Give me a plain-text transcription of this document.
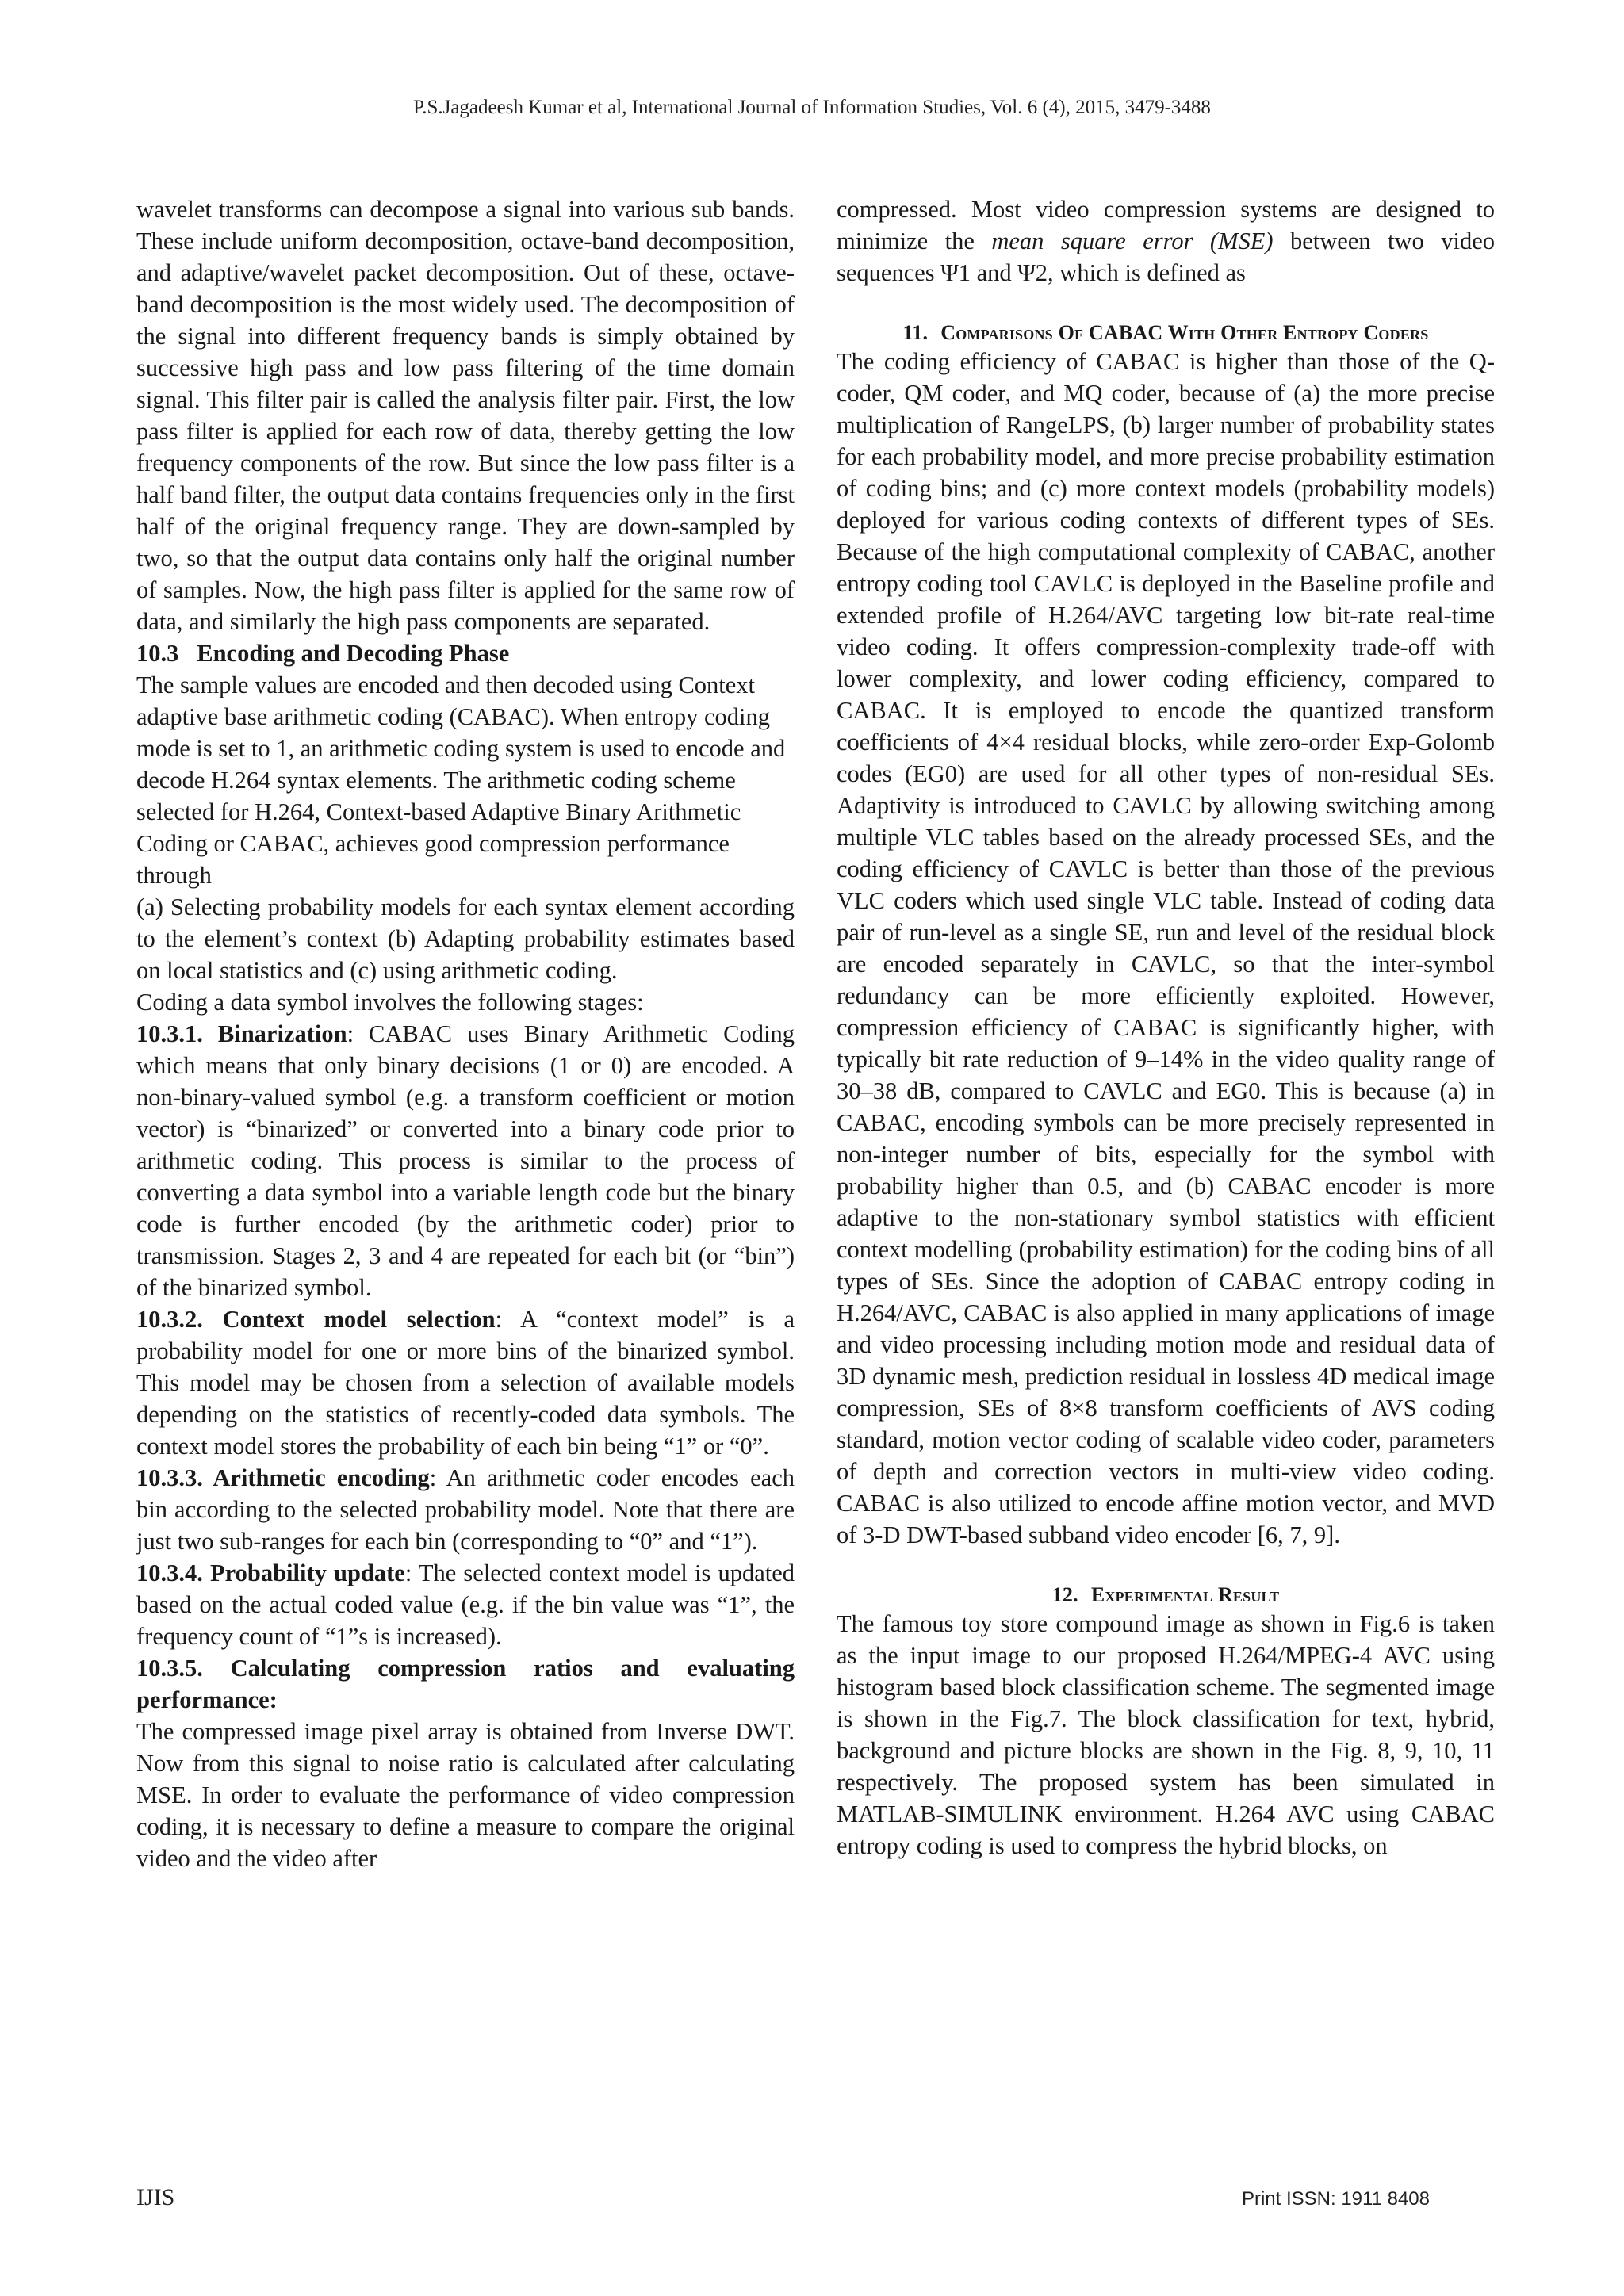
P.S.Jagadeesh Kumar et al, International Journal of Information Studies, Vol. 6 (4), 2015, 3479-3488

wavelet transforms can decompose a signal into various sub bands. These include uniform decomposition, octave-band decomposition, and adaptive/wavelet packet decomposition. Out of these, octave-band decomposition is the most widely used. The decomposition of the signal into different frequency bands is simply obtained by successive high pass and low pass filtering of the time domain signal. This filter pair is called the analysis filter pair. First, the low pass filter is applied for each row of data, thereby getting the low frequency components of the row. But since the low pass filter is a half band filter, the output data contains frequencies only in the first half of the original frequency range. They are down-sampled by two, so that the output data contains only half the original number of samples. Now, the high pass filter is applied for the same row of data, and similarly the high pass components are separated.

10.3   Encoding and Decoding Phase

The sample values are encoded and then decoded using Context adaptive base arithmetic coding (CABAC). When entropy coding mode is set to 1, an arithmetic coding system is used to encode and decode H.264 syntax elements. The arithmetic coding scheme selected for H.264, Context-based Adaptive Binary Arithmetic Coding or CABAC, achieves good compression performance through

(a) Selecting probability models for each syntax element according to the element’s context (b) Adapting probability estimates based on local statistics and (c) using arithmetic coding.

Coding a data symbol involves the following stages:

10.3.1. Binarization: CABAC uses Binary Arithmetic Coding which means that only binary decisions (1 or 0) are encoded. A non-binary-valued symbol (e.g. a transform coefficient or motion vector) is “binarized” or converted into a binary code prior to arithmetic coding. This process is similar to the process of converting a data symbol into a variable length code but the binary code is further encoded (by the arithmetic coder) prior to transmission. Stages 2, 3 and 4 are repeated for each bit (or “bin”) of the binarized symbol.

10.3.2. Context model selection: A “context model” is a probability model for one or more bins of the binarized symbol. This model may be chosen from a selection of available models depending on the statistics of recently-coded data symbols. The context model stores the probability of each bin being “1” or “0”.

10.3.3. Arithmetic encoding: An arithmetic coder encodes each bin according to the selected probability model. Note that there are just two sub-ranges for each bin (corresponding to “0” and “1”).

10.3.4. Probability update: The selected context model is updated based on the actual coded value (e.g. if the bin value was “1”, the frequency count of “1”s is increased).

10.3.5. Calculating compression ratios and evaluating performance:

The compressed image pixel array is obtained from Inverse DWT. Now from this signal to noise ratio is calculated after calculating MSE. In order to evaluate the performance of video compression coding, it is necessary to define a measure to compare the original video and the video after

compressed. Most video compression systems are designed to minimize the mean square error (MSE) between two video sequences Ψ1 and Ψ2, which is defined as

11. Comparisons Of CABAC With Other Entropy Coders

The coding efficiency of CABAC is higher than those of the Q-coder, QM coder, and MQ coder, because of (a) the more precise multiplication of RangeLPS, (b) larger number of probability states for each probability model, and more precise probability estimation of coding bins; and (c) more context models (probability models) deployed for various coding contexts of different types of SEs. Because of the high computational complexity of CABAC, another entropy coding tool CAVLC is deployed in the Baseline profile and extended profile of H.264/AVC targeting low bit-rate real-time video coding. It offers compression-complexity trade-off with lower complexity, and lower coding efficiency, compared to CABAC. It is employed to encode the quantized transform coefficients of 4×4 residual blocks, while zero-order Exp-Golomb codes (EG0) are used for all other types of non-residual SEs. Adaptivity is introduced to CAVLC by allowing switching among multiple VLC tables based on the already processed SEs, and the coding efficiency of CAVLC is better than those of the previous VLC coders which used single VLC table. Instead of coding data pair of run-level as a single SE, run and level of the residual block are encoded separately in CAVLC, so that the inter-symbol redundancy can be more efficiently exploited. However, compression efficiency of CABAC is significantly higher, with typically bit rate reduction of 9–14% in the video quality range of 30–38 dB, compared to CAVLC and EG0. This is because (a) in CABAC, encoding symbols can be more precisely represented in non-integer number of bits, especially for the symbol with probability higher than 0.5, and (b) CABAC encoder is more adaptive to the non-stationary symbol statistics with efficient context modelling (probability estimation) for the coding bins of all types of SEs. Since the adoption of CABAC entropy coding in H.264/AVC, CABAC is also applied in many applications of image and video processing including motion mode and residual data of 3D dynamic mesh, prediction residual in lossless 4D medical image compression, SEs of 8×8 transform coefficients of AVS coding standard, motion vector coding of scalable video coder, parameters of depth and correction vectors in multi-view video coding. CABAC is also utilized to encode affine motion vector, and MVD of 3-D DWT-based subband video encoder [6, 7, 9].

12. Experimental Result

The famous toy store compound image as shown in Fig.6 is taken as the input image to our proposed H.264/MPEG-4 AVC using histogram based block classification scheme. The segmented image is shown in the Fig.7. The block classification for text, hybrid, background and picture blocks are shown in the Fig. 8, 9, 10, 11 respectively. The proposed system has been simulated in MATLAB-SIMULINK environment. H.264 AVC using CABAC entropy coding is used to compress the hybrid blocks, on

IJIS	Print ISSN: 1911 8408
